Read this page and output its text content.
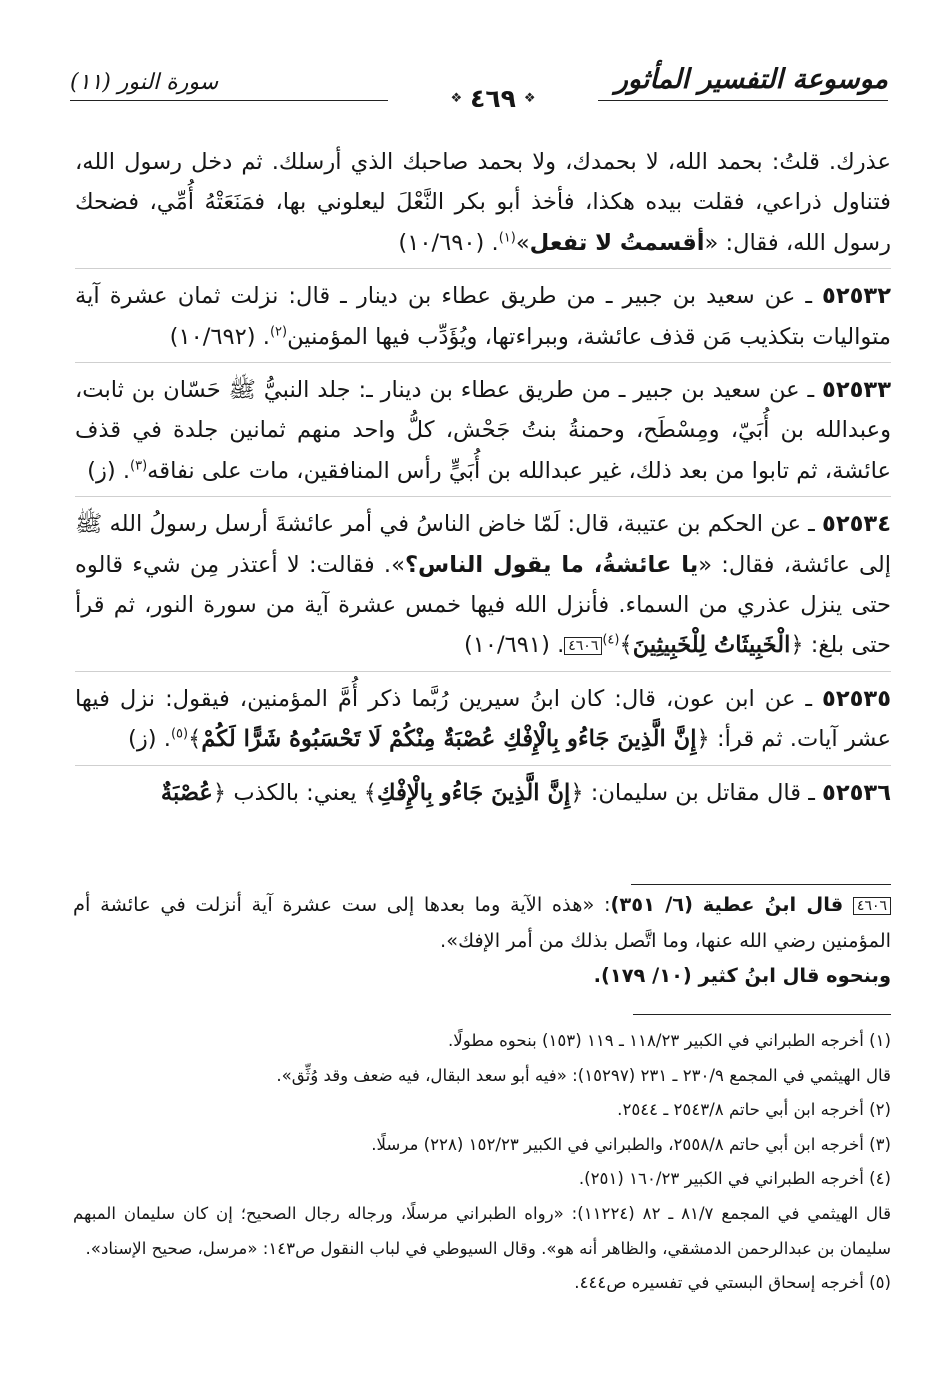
موسوعة التفسير المأثور
سورة النور (١١)
❖
٤٦٩
❖

عذرك. قلتُ: بحمد الله، لا بحمدك، ولا بحمد صاحبك الذي أرسلك. ثم دخل رسول الله، فتناول ذراعي، فقلت بيده هكذا، فأخذ أبو بكر النَّعْلَ ليعلوني بها، فمَنَعَتْهُ أُمِّي، فضحك رسول الله، فقال: «أقسمتُ لا تفعل»$^{(١)}$. (١٠/٦٩٠)

٥٢٥٣٢ ـ عن سعيد بن جبير ـ من طريق عطاء بن دينار ـ قال: نزلت ثمان عشرة آية متواليات بتكذيب مَن قذف عائشة، وببراءتها، ويُؤَدِّب فيها المؤمنين$^{(٢)}$. (١٠/٦٩٢)

٥٢٥٣٣ ـ عن سعيد بن جبير ـ من طريق عطاء بن دينار ـ: جلد النبيُّ ﷺ حَسّان بن ثابت، وعبدالله بن أُبَيّ، ومِسْطَح، وحمنةُ بنتُ جَحْش، كلُّ واحد منهم ثمانين جلدة في قذف عائشة، ثم تابوا من بعد ذلك، غير عبدالله بن أُبَيٍّ رأس المنافقين، مات على نفاقه$^{(٣)}$. (ز)

٥٢٥٣٤ ـ عن الحكم بن عتيبة، قال: لَمّا خاض الناسُ في أمر عائشةَ أرسل رسولُ الله ﷺ إلى عائشة، فقال: «يا عائشةُ، ما يقول الناس؟». فقالت: لا أعتذر مِن شيء قالوه حتى ينزل عذري من السماء. فأنزل الله فيها خمس عشرة آية من سورة النور، ثم قرأ حتى بلغ: ﴿الْخَبِيثَاتُ لِلْخَبِيثِينَ﴾$^{(٤)}$٤٦٠٦. (١٠/٦٩١)

٥٢٥٣٥ ـ عن ابن عون، قال: كان ابنُ سيرين رُبَّما ذكر أُمَّ المؤمنين، فيقول: نزل فيها عشر آيات. ثم قرأ: ﴿إِنَّ الَّذِينَ جَاءُو بِالْإِفْكِ عُصْبَةٌ مِنْكُمْ لَا تَحْسَبُوهُ شَرًّا لَكُمْ﴾$^{(٥)}$. (ز)

٥٢٥٣٦ ـ قال مقاتل بن سليمان: ﴿إِنَّ الَّذِينَ جَاءُو بِالْإِفْكِ﴾ يعني: بالكذب ﴿عُصْبَةٌ

٤٦٠٦ قال ابنُ عطية (٦/ ٣٥١): «هذه الآية وما بعدها إلى ست عشرة آية أنزلت في عائشة أم المؤمنين رضي الله عنها، وما اتَّصل بذلك من أمر الإفك».

وبنحوه قال ابنُ كثير (١٠/ ١٧٩).

(١) أخرجه الطبراني في الكبير ١١٨/٢٣ ـ ١١٩ (١٥٣) بنحوه مطولًا.

قال الهيثمي في المجمع ٢٣٠/٩ ـ ٢٣١ (١٥٢٩٧): «فيه أبو سعد البقال، فيه ضعف وقد وُثِّق».

(٢) أخرجه ابن أبي حاتم ٢٥٤٣/٨ ـ ٢٥٤٤.

(٣) أخرجه ابن أبي حاتم ٢٥٥٨/٨، والطبراني في الكبير ١٥٢/٢٣ (٢٢٨) مرسلًا.

(٤) أخرجه الطبراني في الكبير ١٦٠/٢٣ (٢٥١).

قال الهيثمي في المجمع ٨١/٧ ـ ٨٢ (١١٢٢٤): «رواه الطبراني مرسلًا، ورجاله رجال الصحيح؛ إن كان سليمان المبهم سليمان بن عبدالرحمن الدمشقي، والظاهر أنه هو». وقال السيوطي في لباب النقول ص١٤٣: «مرسل، صحيح الإسناد».

(٥) أخرجه إسحاق البستي في تفسيره ص٤٤٤.
